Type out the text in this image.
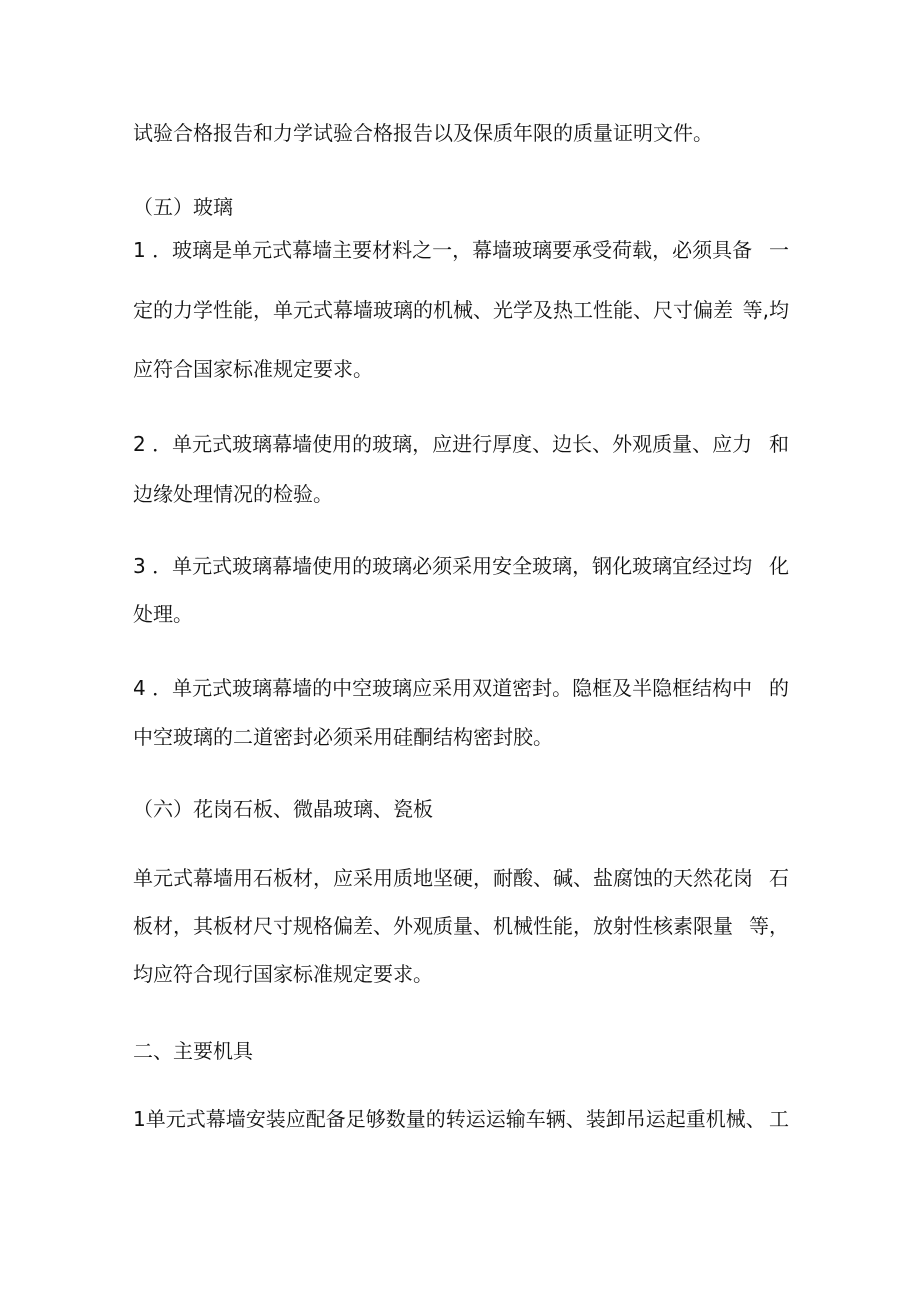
试验合格报告和力学试验合格报告以及保质年限的质量证明文件。
（五）玻璃
1 ．玻璃是单元式幕墙主要材料之一，幕墙玻璃要承受荷载，必须具备 一
定的力学性能，单元式幕墙玻璃的机械、光学及热工性能、尺寸偏差 等,均
应符合国家标准规定要求。
2 ．单元式玻璃幕墙使用的玻璃，应进行厚度、边长、外观质量、应力 和
边缘处理情况的检验。
3 ．单元式玻璃幕墙使用的玻璃必须采用安全玻璃，钢化玻璃宜经过均 化
处理。
4 ．单元式玻璃幕墙的中空玻璃应采用双道密封。隐框及半隐框结构中 的
中空玻璃的二道密封必须采用硅酮结构密封胶。
（六）花岗石板、微晶玻璃、瓷板
单元式幕墙用石板材，应采用质地坚硬，耐酸、碱、盐腐蚀的天然花岗 石
板材，其板材尺寸规格偏差、外观质量、机械性能，放射性核素限量 等，
均应符合现行国家标准规定要求。
二、主要机具
1单元式幕墙安装应配备足够数量的转运运输车辆、装卸吊运起重机械、 工
